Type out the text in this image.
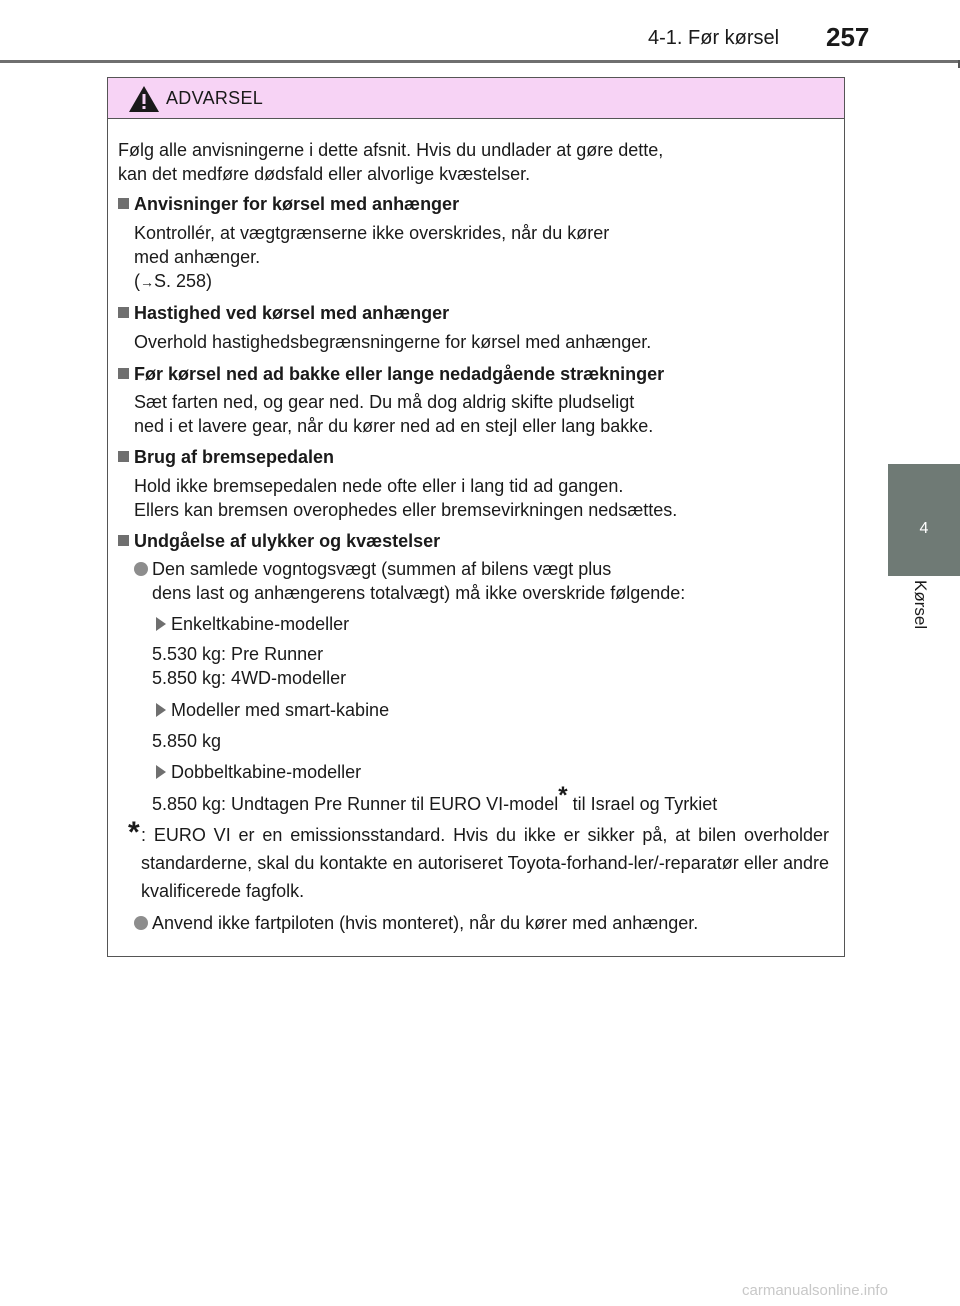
4-1. Før kørsel 257
4
Kørsel
ADVARSEL
Følg alle anvisningerne i dette afsnit. Hvis du undlader at gøre dette,
kan det medføre dødsfald eller alvorlige kvæstelser.
Anvisninger for kørsel med anhænger
Kontrollér, at vægtgrænserne ikke overskrides, når du kører
med anhænger.
(→S. 258)
Hastighed ved kørsel med anhænger
Overhold hastighedsbegrænsningerne for kørsel med anhænger.
Før kørsel ned ad bakke eller lange nedadgående strækninger
Sæt farten ned, og gear ned. Du må dog aldrig skifte pludseligt
ned i et lavere gear, når du kører ned ad en stejl eller lang bakke.
Brug af bremsepedalen
Hold ikke bremsepedalen nede ofte eller i lang tid ad gangen.
Ellers kan bremsen overophedes eller bremsevirkningen nedsættes.
Undgåelse af ulykker og kvæstelser
Den samlede vogntogsvægt (summen af bilens vægt plus
dens last og anhængerens totalvægt) må ikke overskride følgende:
Enkeltkabine-modeller
5.530 kg: Pre Runner
5.850 kg: 4WD-modeller
Modeller med smart-kabine
5.850 kg
Dobbeltkabine-modeller
5.850 kg: Undtagen Pre Runner til EURO VI-model* til Israel og Tyrkiet
* : EURO VI er en emissionsstandard. Hvis du ikke er sikker på, at bilen overholder standarderne, skal du kontakte en autoriseret Toyota-forhand-ler/-reparatør eller andre kvalificerede fagfolk.
Anvend ikke fartpiloten (hvis monteret), når du kører med anhænger.
carmanualsonline.info
